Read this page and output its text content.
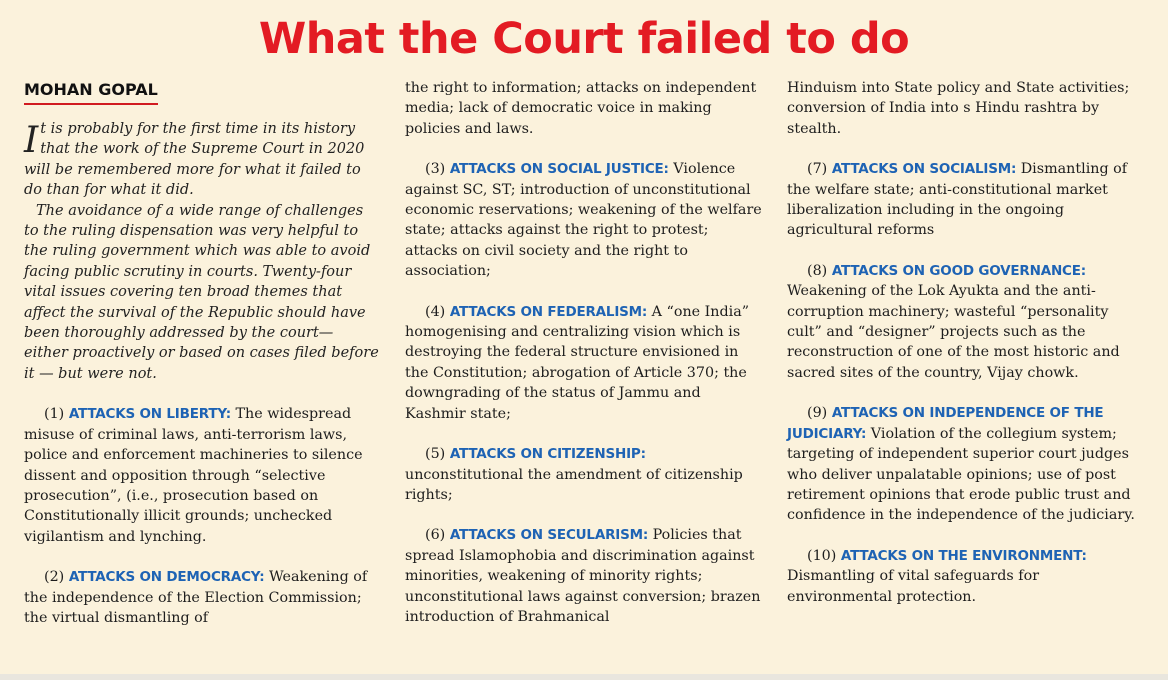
What the Court failed to do
MOHAN GOPAL

It is probably for the first time in its history that the work of the Supreme Court in 2020 will be remembered more for what it failed to do than for what it did.

The avoidance of a wide range of challenges to the ruling dispensation was very helpful to the ruling government which was able to avoid facing public scrutiny in courts. Twenty-four vital issues covering ten broad themes that affect the survival of the Republic should have been thoroughly addressed by the court— either proactively or based on cases filed before it — but were not.

(1) ATTACKS ON LIBERTY: The widespread misuse of criminal laws, anti-terrorism laws, police and enforcement machineries to silence dissent and opposition through “selective prosecution”, (i.e., prosecution based on Constitutionally illicit grounds; unchecked vigilantism and lynching.

(2) ATTACKS ON DEMOCRACY: Weakening of the independence of the Election Commission; the virtual dismantling of

the right to information; attacks on independent media; lack of democratic voice in making policies and laws.

(3) ATTACKS ON SOCIAL JUSTICE: Violence against SC, ST; introduction of unconstitutional economic reservations; weakening of the welfare state; attacks against the right to protest; attacks on civil society and the right to association;

(4) ATTACKS ON FEDERALISM: A “one India” homogenising and centralizing vision which is destroying the federal structure envisioned in the Constitution; abrogation of Article 370; the downgrading of the status of Jammu and Kashmir state;

(5) ATTACKS ON CITIZENSHIP: unconstitutional the amendment of citizenship rights;

(6) ATTACKS ON SECULARISM: Policies that spread Islamophobia and discrimination against minorities, weakening of minority rights; unconstitutional laws against conversion; brazen introduction of Brahmanical

Hinduism into State policy and State activities; conversion of India into s Hindu rashtra by stealth.

(7) ATTACKS ON SOCIALISM: Dismantling of the welfare state; anti-constitutional market liberalization including in the ongoing agricultural reforms

(8) ATTACKS ON GOOD GOVERNANCE: Weakening of the Lok Ayukta and the anti-corruption machinery; wasteful “personality cult” and “designer” projects such as the reconstruction of one of the most historic and sacred sites of the country, Vijay chowk.

(9) ATTACKS ON INDEPENDENCE OF THE JUDICIARY: Violation of the collegium system; targeting of independent superior court judges who deliver unpalatable opinions; use of post retirement opinions that erode public trust and confidence in the independence of the judiciary.

(10) ATTACKS ON THE ENVIRONMENT: Dismantling of vital safeguards for environmental protection.
